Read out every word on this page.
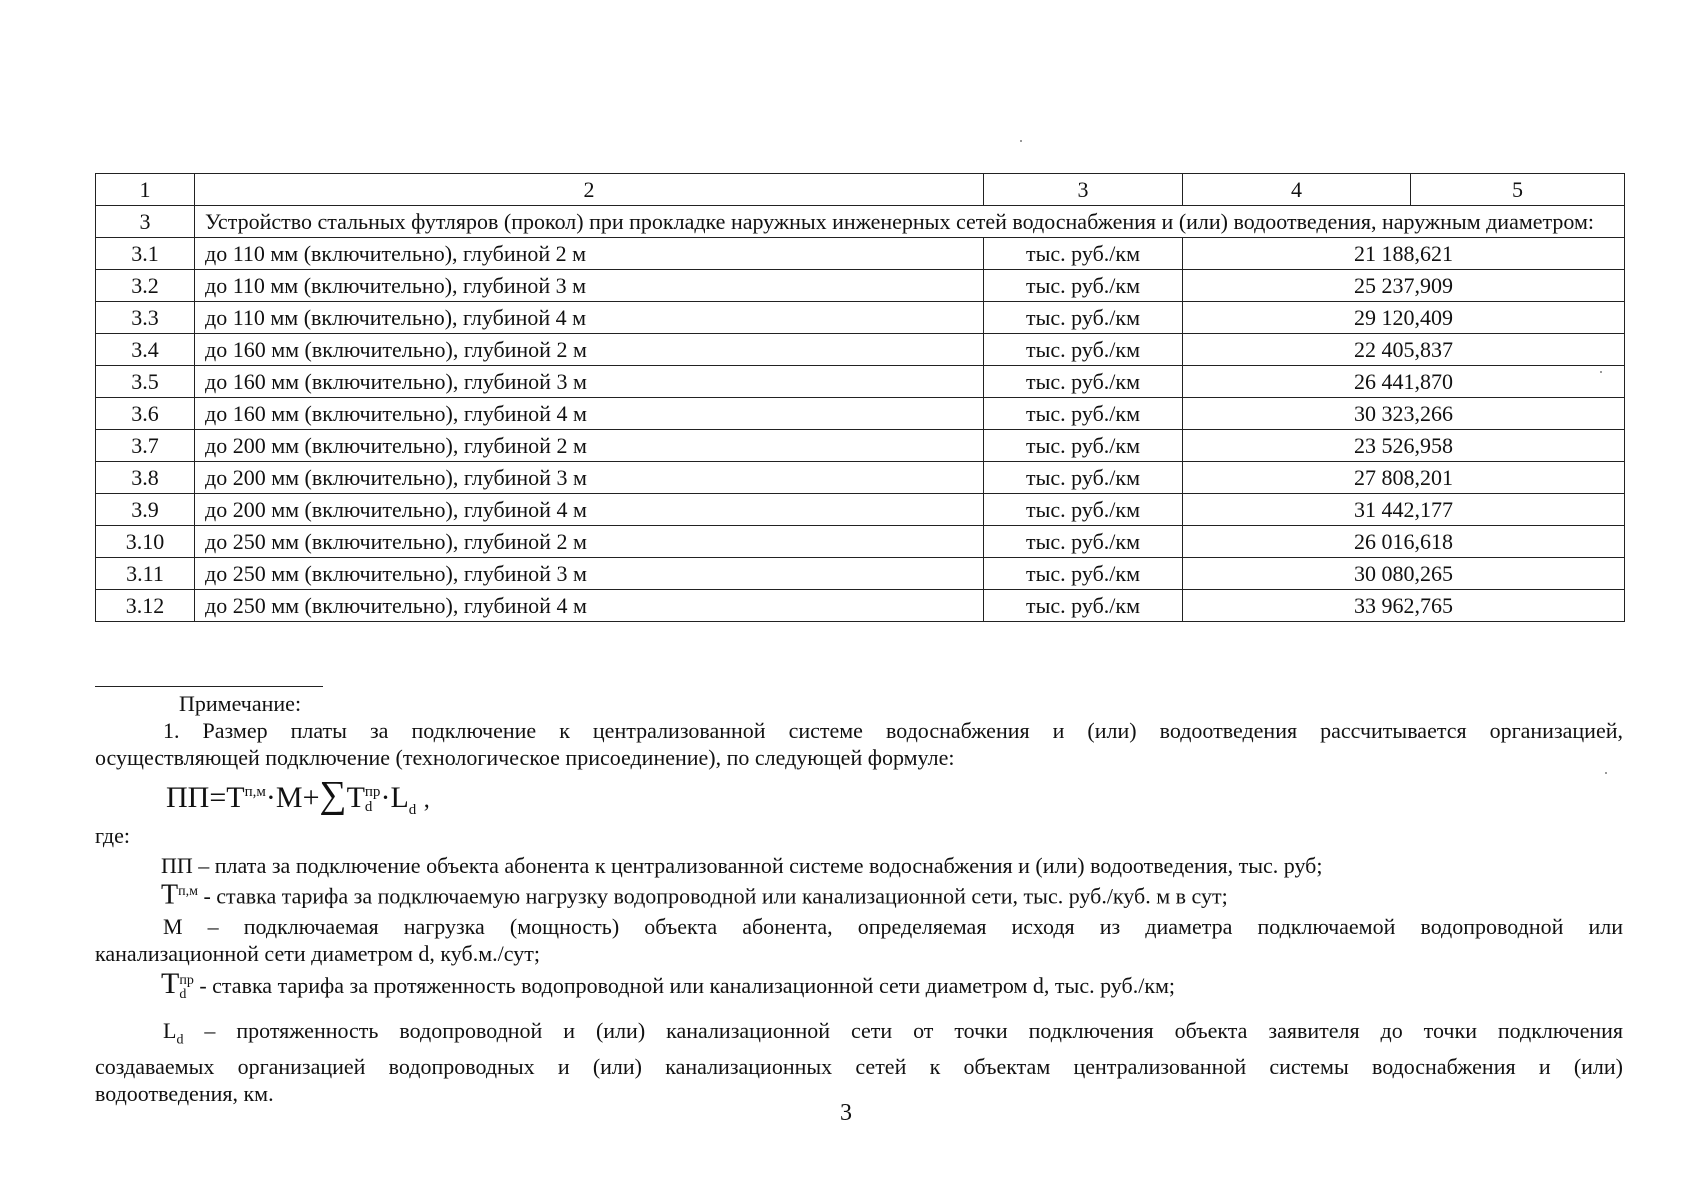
1	2	3	4	5
3	Устройство стальных футляров (прокол) при прокладке наружных инженерных сетей водоснабжения и (или) водоотведения, наружным диаметром:			
3.1	до 110 мм (включительно), глубиной 2 м	тыс. руб./км	21 188,621	
3.2	до 110 мм (включительно), глубиной 3 м	тыс. руб./км	25 237,909	
3.3	до 110 мм (включительно), глубиной 4 м	тыс. руб./км	29 120,409	
3.4	до 160 мм (включительно), глубиной 2 м	тыс. руб./км	22 405,837	
3.5	до 160 мм (включительно), глубиной 3 м	тыс. руб./км	26 441,870	
3.6	до 160 мм (включительно), глубиной 4 м	тыс. руб./км	30 323,266	
3.7	до 200 мм (включительно), глубиной 2 м	тыс. руб./км	23 526,958	
3.8	до 200 мм (включительно), глубиной 3 м	тыс. руб./км	27 808,201	
3.9	до 200 мм (включительно), глубиной 4 м	тыс. руб./км	31 442,177	
3.10	до 250 мм (включительно), глубиной 2 м	тыс. руб./км	26 016,618	
3.11	до 250 мм (включительно), глубиной 3 м	тыс. руб./км	30 080,265	
3.12	до 250 мм (включительно), глубиной 4 м	тыс. руб./км	33 962,765	
Примечание:
1. Размер платы за подключение к централизованной системе водоснабжения и (или) водоотведения рассчитывается организацией,
осуществляющей подключение (технологическое присоединение), по следующей формуле:
$ПП=Т^{п,м}\cdot М+\sum Т$ пр
$d \cdot L_d$ ,
где:
ПП – плата за подключение объекта абонента к централизованной системе водоснабжения и (или) водоотведения, тыс. руб;
$Т^{п,м}$ - ставка тарифа за подключаемую нагрузку водопроводной или канализационной сети, тыс. руб./куб. м в сут;
М – подключаемая нагрузка (мощность) объекта абонента, определяемая исходя из диаметра подключаемой водопроводной или
канализационной сети диаметром d, куб.м./сут;
Т пр
d - ставка тарифа за протяженность водопроводной или канализационной сети диаметром d, тыс. руб./км;
$L_d$ – протяженность водопроводной и (или) канализационной сети от точки подключения объекта заявителя до точки подключения
создаваемых организацией водопроводных и (или) канализационных сетей к объектам централизованной системы водоснабжения и (или)
водоотведения, км.
3
